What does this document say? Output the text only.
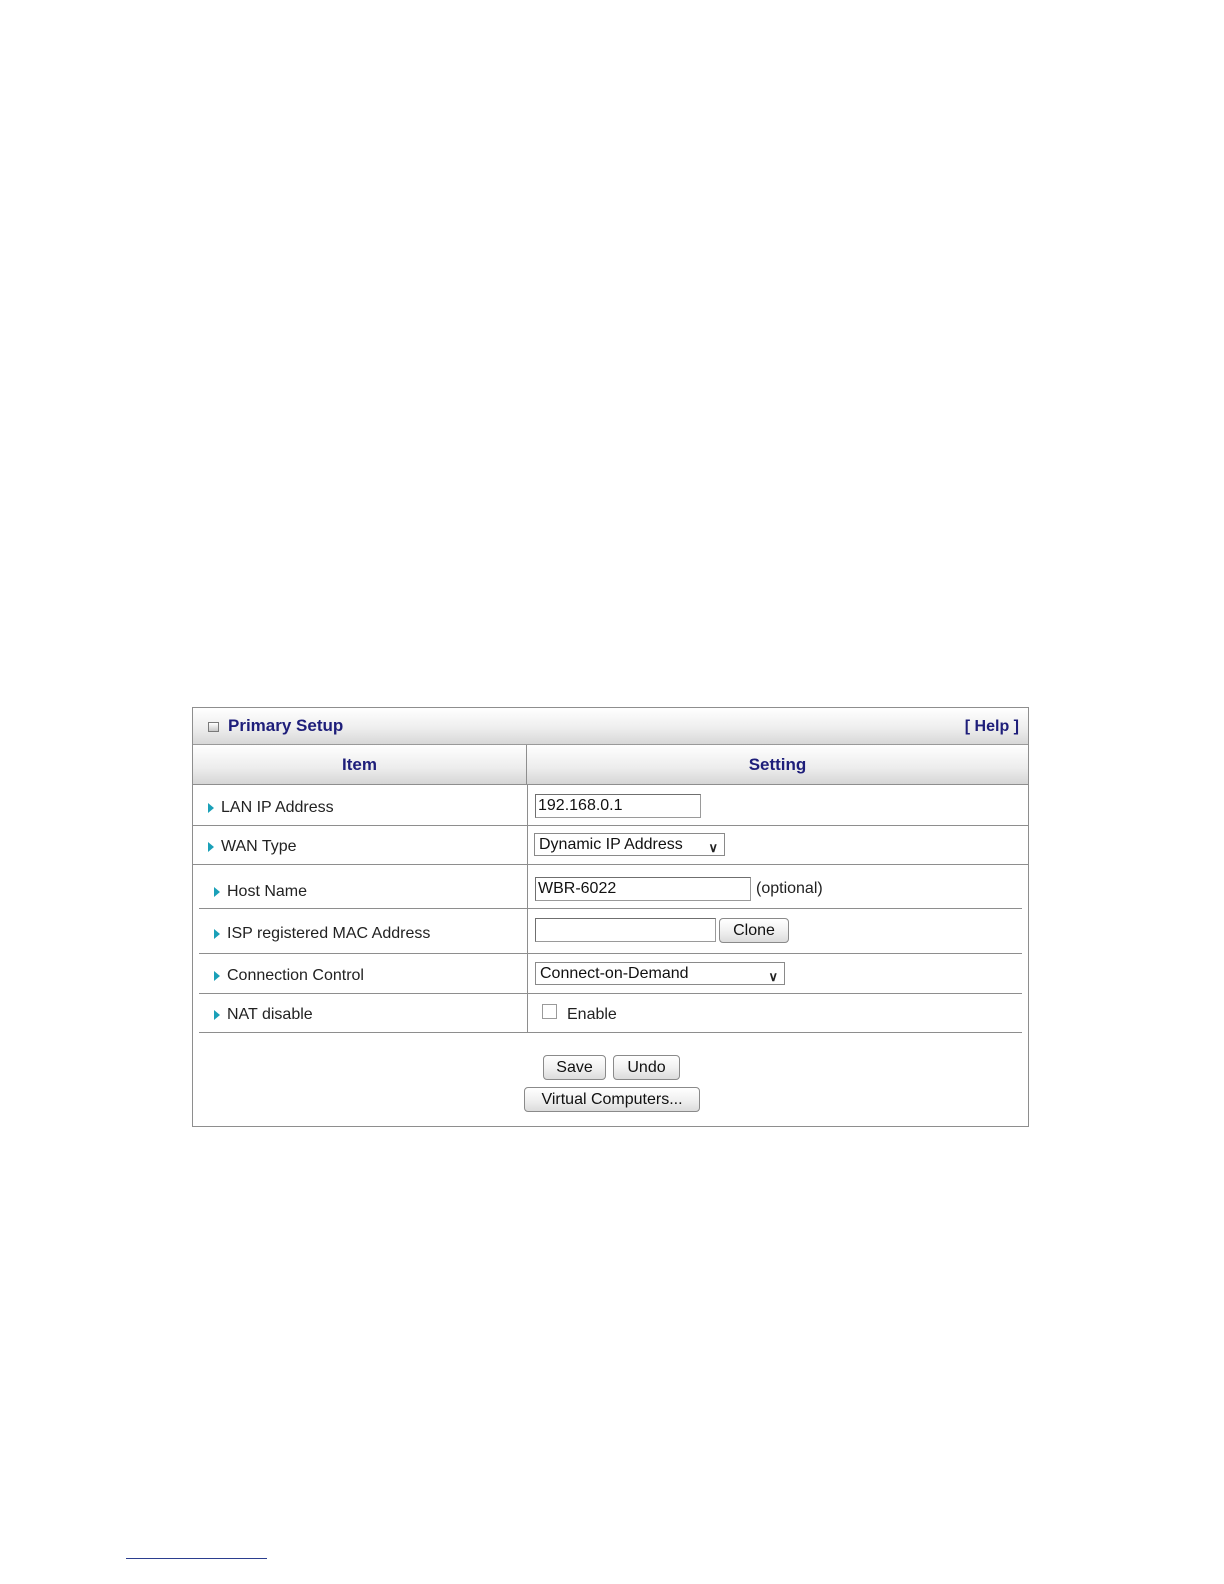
Primary Setup	[ Help ]
Item	Setting
LAN IP Address	192.168.0.1
WAN Type	Dynamic IP Address ∨
Host Name	WBR-6022	(optional)
ISP registered MAC Address	Clone
Connection Control	Connect-on-Demand	∨
NAT disable	Enable
Save	Undo
Virtual Computers...
